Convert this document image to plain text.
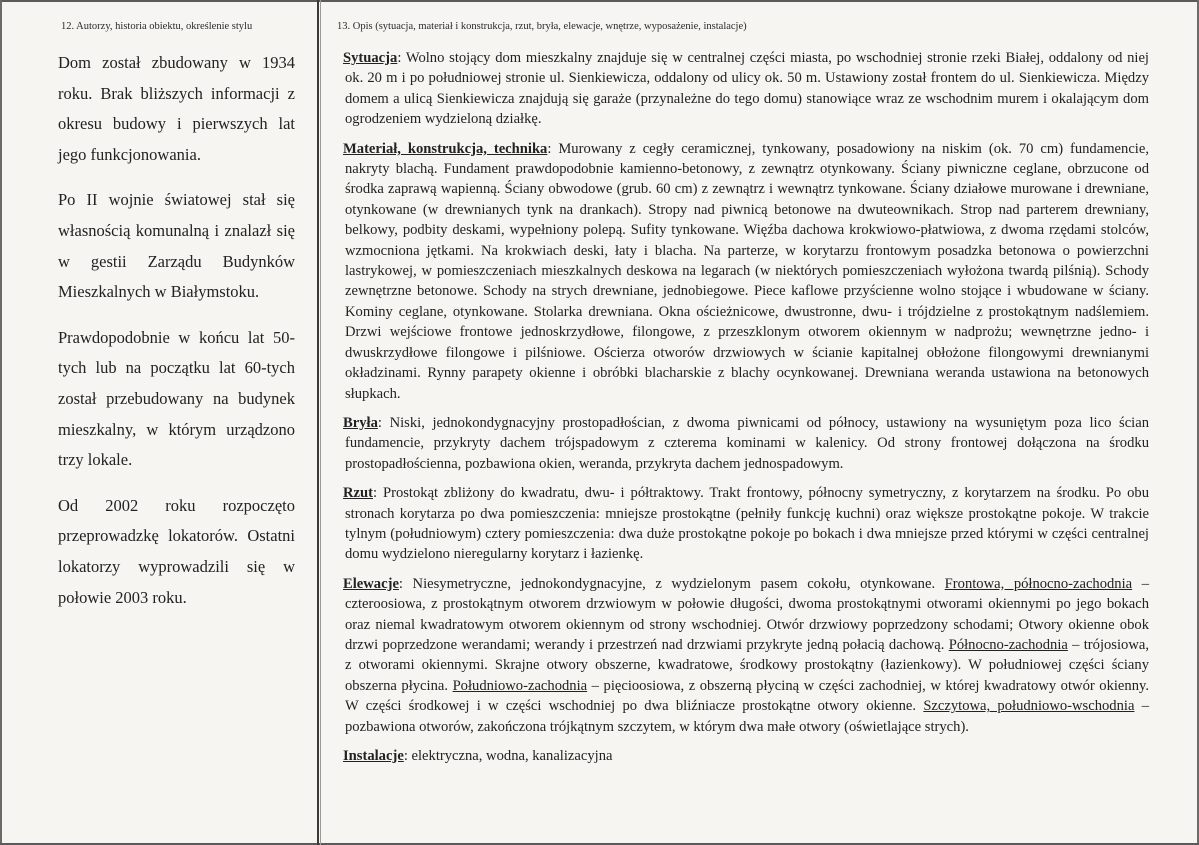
12. Autorzy, historia obiektu, określenie stylu

Dom został zbudowany w 1934 roku. Brak bliższych informacji z okresu budowy i pierwszych lat jego funkcjonowania.

Po II wojnie światowej stał się własnością komunalną i znalazł się w gestii Zarządu Budynków Mieszkalnych w Białymstoku.

Prawdopodobnie w końcu lat 50-tych lub na początku lat 60-tych został przebudowany na budynek mieszkalny, w którym urządzono trzy lokale.

Od 2002 roku rozpoczęto przeprowadzkę lokatorów. Ostatni lokatorzy wyprowadzili się w połowie 2003 roku.

13. Opis (sytuacja, materiał i konstrukcja, rzut, bryła, elewacje, wnętrze, wyposażenie, instalacje)
Sytuacja: Wolno stojący dom mieszkalny znajduje się w centralnej części miasta, po wschodniej stronie rzeki Białej, oddalony od niej ok. 20 m i po południowej stronie ul. Sienkiewicza, oddalony od ulicy ok. 50 m. Ustawiony został frontem do ul. Sienkiewicza. Między domem a ulicą Sienkiewicza znajdują się garaże (przynależne do tego domu) stanowiące wraz ze wschodnim murem i okalającym dom ogrodzeniem wydzieloną działkę.
Materiał, konstrukcja, technika: Murowany z cegły ceramicznej, tynkowany, posadowiony na niskim (ok. 70 cm) fundamencie, nakryty blachą. Fundament prawdopodobnie kamienno-betonowy, z zewnątrz otynkowany. Ściany piwniczne ceglane, obrzucone od środka zaprawą wapienną. Ściany obwodowe (grub. 60 cm) z zewnątrz i wewnątrz tynkowane. Ściany działowe murowane i drewniane, otynkowane (w drewnianych tynk na drankach). Stropy nad piwnicą betonowe na dwuteownikach. Strop nad parterem drewniany, belkowy, podbity deskami, wypełniony polepą. Sufity tynkowane. Więźba dachowa krokwiowo-płatwiowa, z dwoma rzędami stolców, wzmocniona jętkami. Na krokwiach deski, łaty i blacha. Na parterze, w korytarzu frontowym posadzka betonowa o powierzchni lastrykowej, w pomieszczeniach mieszkalnych deskowa na legarach (w niektórych pomieszczeniach wyłożona twardą pilśnią). Schody zewnętrzne betonowe. Schody na strych drewniane, jednobiegowe. Piece kaflowe przyścienne wolno stojące i wbudowane w ściany. Kominy ceglane, otynkowane. Stolarka drewniana. Okna ościeżnicowe, dwustronne, dwu- i trójdzielne z prostokątnym nadślemiem. Drzwi wejściowe frontowe jednoskrzydłowe, filongowe, z przeszklonym otworem okiennym w nadprożu; wewnętrzne jedno- i dwuskrzydłowe filongowe i pilśniowe. Ościerza otworów drzwiowych w ścianie kapitalnej obłożone filongowymi drewnianymi okładzinami. Rynny parapety okienne i obróbki blacharskie z blachy ocynkowanej. Drewniana weranda ustawiona na betonowych słupkach.
Bryła: Niski, jednokondygnacyjny prostopadłościan, z dwoma piwnicami od północy, ustawiony na wysuniętym poza lico ścian fundamencie, przykryty dachem trójspadowym z czterema kominami w kalenicy. Od strony frontowej dołączona na środku prostopadłościenna, pozbawiona okien, weranda, przykryta dachem jednospadowym.
Rzut: Prostokąt zbliżony do kwadratu, dwu- i półtraktowy. Trakt frontowy, północny symetryczny, z korytarzem na środku. Po obu stronach korytarza po dwa pomieszczenia: mniejsze prostokątne (pełniły funkcję kuchni) oraz większe prostokątne pokoje. W trakcie tylnym (południowym) cztery pomieszczenia: dwa duże prostokątne pokoje po bokach i dwa mniejsze przed którymi w części centralnej domu wydzielono nieregularny korytarz i łazienkę.
Elewacje: Niesymetryczne, jednokondygnacyjne, z wydzielonym pasem cokołu, otynkowane. Frontowa, północno-zachodnia – czteroosiowa, z prostokątnym otworem drzwiowym w połowie długości, dwoma prostokątnymi otworami okiennymi po jego bokach oraz niemal kwadratowym otworem okiennym od strony wschodniej. Otwór drzwiowy poprzedzony schodami; Otwory okienne obok drzwi poprzedzone werandami; werandy i przestrzeń nad drzwiami przykryte jedną połacią dachową. Północno-zachodnia – trójosiowa, z otworami okiennymi. Skrajne otwory obszerne, kwadratowe, środkowy prostokątny (łazienkowy). W południowej części ściany obszerna płycina. Południowo-zachodnia – pięcioosiowa, z obszerną płyciną w części zachodniej, w której kwadratowy otwór okienny. W części środkowej i w części wschodniej po dwa bliźniacze prostokątne otwory okienne. Szczytowa, południowo-wschodnia – pozbawiona otworów, zakończona trójkątnym szczytem, w którym dwa małe otwory (oświetlające strych).
Instalacje: elektryczna, wodna, kanalizacyjna
